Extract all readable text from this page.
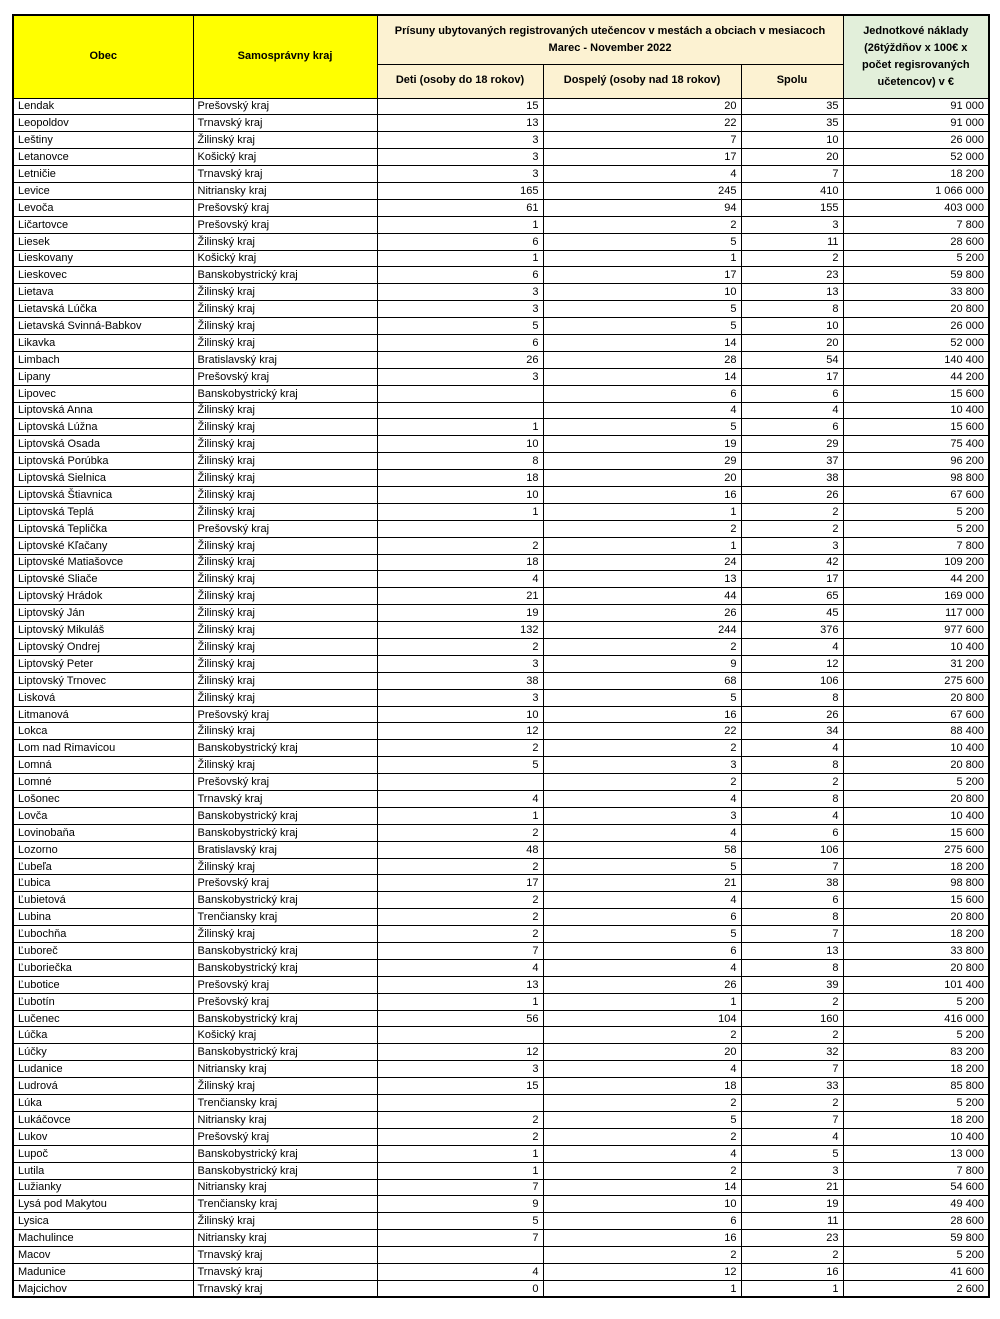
Obec	Samosprávny kraj	Prísuny ubytovaných registrovaných utečencov v mestách a obciach v mesiacoch Marec - November 2022			Jednotkové náklady (26týždňov x 100€ x počet regisrovaných učetencov) v €
		Deti (osoby do 18 rokov)	Dospelý (osoby nad 18 rokov)	Spolu	
Lendak	Prešovský kraj	15	20	35	91 000
Leopoldov	Trnavský kraj	13	22	35	91 000
Leštiny	Žilinský kraj	3	7	10	26 000
Letanovce	Košický kraj	3	17	20	52 000
Letničie	Trnavský kraj	3	4	7	18 200
Levice	Nitriansky kraj	165	245	410	1 066 000
Levoča	Prešovský kraj	61	94	155	403 000
Ličartovce	Prešovský kraj	1	2	3	7 800
Liesek	Žilinský kraj	6	5	11	28 600
Lieskovany	Košický kraj	1	1	2	5 200
Lieskovec	Banskobystrický kraj	6	17	23	59 800
Lietava	Žilinský kraj	3	10	13	33 800
Lietavská Lúčka	Žilinský kraj	3	5	8	20 800
Lietavská Svinná-Babkov	Žilinský kraj	5	5	10	26 000
Likavka	Žilinský kraj	6	14	20	52 000
Limbach	Bratislavský kraj	26	28	54	140 400
Lipany	Prešovský kraj	3	14	17	44 200
Lipovec	Banskobystrický kraj		6	6	15 600
Liptovská Anna	Žilinský kraj		4	4	10 400
Liptovská Lúžna	Žilinský kraj	1	5	6	15 600
Liptovská Osada	Žilinský kraj	10	19	29	75 400
Liptovská Porúbka	Žilinský kraj	8	29	37	96 200
Liptovská Sielnica	Žilinský kraj	18	20	38	98 800
Liptovská Štiavnica	Žilinský kraj	10	16	26	67 600
Liptovská Teplá	Žilinský kraj	1	1	2	5 200
Liptovská Teplička	Prešovský kraj		2	2	5 200
Liptovské Kľačany	Žilinský kraj	2	1	3	7 800
Liptovské Matiašovce	Žilinský kraj	18	24	42	109 200
Liptovské Sliače	Žilinský kraj	4	13	17	44 200
Liptovský Hrádok	Žilinský kraj	21	44	65	169 000
Liptovský Ján	Žilinský kraj	19	26	45	117 000
Liptovský Mikuláš	Žilinský kraj	132	244	376	977 600
Liptovský Ondrej	Žilinský kraj	2	2	4	10 400
Liptovský Peter	Žilinský kraj	3	9	12	31 200
Liptovský Trnovec	Žilinský kraj	38	68	106	275 600
Lisková	Žilinský kraj	3	5	8	20 800
Litmanová	Prešovský kraj	10	16	26	67 600
Lokca	Žilinský kraj	12	22	34	88 400
Lom nad Rimavicou	Banskobystrický kraj	2	2	4	10 400
Lomná	Žilinský kraj	5	3	8	20 800
Lomné	Prešovský kraj		2	2	5 200
Lošonec	Trnavský kraj	4	4	8	20 800
Lovča	Banskobystrický kraj	1	3	4	10 400
Lovinobaňa	Banskobystrický kraj	2	4	6	15 600
Lozorno	Bratislavský kraj	48	58	106	275 600
Ľubeľa	Žilinský kraj	2	5	7	18 200
Ľubica	Prešovský kraj	17	21	38	98 800
Ľubietová	Banskobystrický kraj	2	4	6	15 600
Lubina	Trenčiansky kraj	2	6	8	20 800
Ľubochňa	Žilinský kraj	2	5	7	18 200
Ľuboreč	Banskobystrický kraj	7	6	13	33 800
Ľuboriečka	Banskobystrický kraj	4	4	8	20 800
Ľubotice	Prešovský kraj	13	26	39	101 400
Ľubotín	Prešovský kraj	1	1	2	5 200
Lučenec	Banskobystrický kraj	56	104	160	416 000
Lúčka	Košický kraj		2	2	5 200
Lúčky	Banskobystrický kraj	12	20	32	83 200
Ludanice	Nitriansky kraj	3	4	7	18 200
Ludrová	Žilinský kraj	15	18	33	85 800
Lúka	Trenčiansky kraj		2	2	5 200
Lukáčovce	Nitriansky kraj	2	5	7	18 200
Lukov	Prešovský kraj	2	2	4	10 400
Lupoč	Banskobystrický kraj	1	4	5	13 000
Lutila	Banskobystrický kraj	1	2	3	7 800
Lužianky	Nitriansky kraj	7	14	21	54 600
Lysá pod Makytou	Trenčiansky kraj	9	10	19	49 400
Lysica	Žilinský kraj	5	6	11	28 600
Machulince	Nitriansky kraj	7	16	23	59 800
Macov	Trnavský kraj		2	2	5 200
Madunice	Trnavský kraj	4	12	16	41 600
Majcichov	Trnavský kraj	0	1	1	2 600
